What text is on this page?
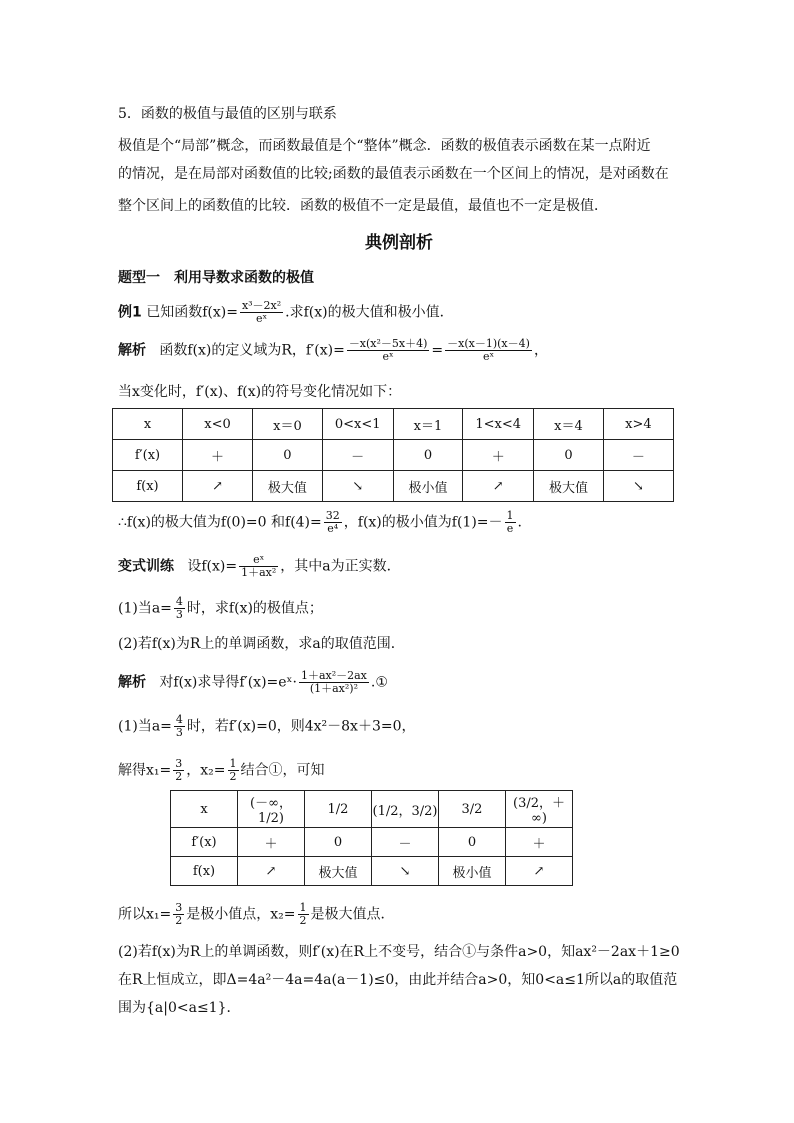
5．函数的极值与最值的区别与联系
极值是个“局部”概念，而函数最值是个“整体”概念．函数的极值表示函数在某一点附近
的情况，是在局部对函数值的比较;函数的最值表示函数在一个区间上的情况，是对函数在
整个区间上的函数值的比较．函数的极值不一定是最值，最值也不一定是极值．
典例剖析
题型一　利用导数求函数的极值
例1 已知函数$f(x)= \frac{\text{x³－2x²}}{\text{eˣ}}$ .求f(x)的极大值和极小值．
解析 函数f(x)的定义域为R，$f'(x)= \frac{\text{－x(x²－5x＋4)}}{\text{eˣ}} = \frac{-x(x-1)(x-4)}{\text{eˣ}}$ ，
当x变化时，f′(x)、f(x)的符号变化情况如下：
x	x<0	x＝0	0<x<1	x＝1	1<x<4	x＝4	x>4
f′(x)	＋	0	－	0	＋	0	－
f(x)	↗	极大值	↘	极小值	↗	极大值	↘
∴f(x)的极大值为f(0)=0 和$f(4)= \frac{32}{\text{e⁴}}$ ，f(x)的极小值为$f(1)=- \frac{1}{e}$ .
变式训练 设$f(x)= \frac{\text{eˣ}}{\text{1＋ax²}}$ ，其中a为正实数．
(1)当$a= \frac{4}{3}$ 时，求f(x)的极值点；
(2)若f(x)为R上的单调函数，求a的取值范围．
解析 对f(x)求导得f′(x)=eˣ· $\frac{\text{1＋ax²－2ax}}{\text{(1＋ax²)²}}$ .①
(1)当$a= \frac{4}{3}$ 时，若f′(x)=0，则4x²－8x＋3=0，
解得$x_1= \frac{3}{2}$ ，$x_2= \frac{1}{2}$ 结合①，可知
x	(－∞，1/2)	1/2	(1/2，3/2)	3/2	(3/2，＋∞)
f′(x)	＋	0	－	0	＋
f(x)	↗	极大值	↘	极小值	↗
所以$x_1= \frac{3}{2}$ 是极小值点，$x_2= \frac{1}{2}$ 是极大值点．
(2)若f(x)为R上的单调函数，则f′(x)在R上不变号，结合①与条件a>0，知ax²－2ax＋1≥0
在R上恒成立，即Δ=4a²－4a=4a(a－1)≤0，由此并结合a>0，知0<a≤1所以a的取值范
围为{a|0<a≤1}．
